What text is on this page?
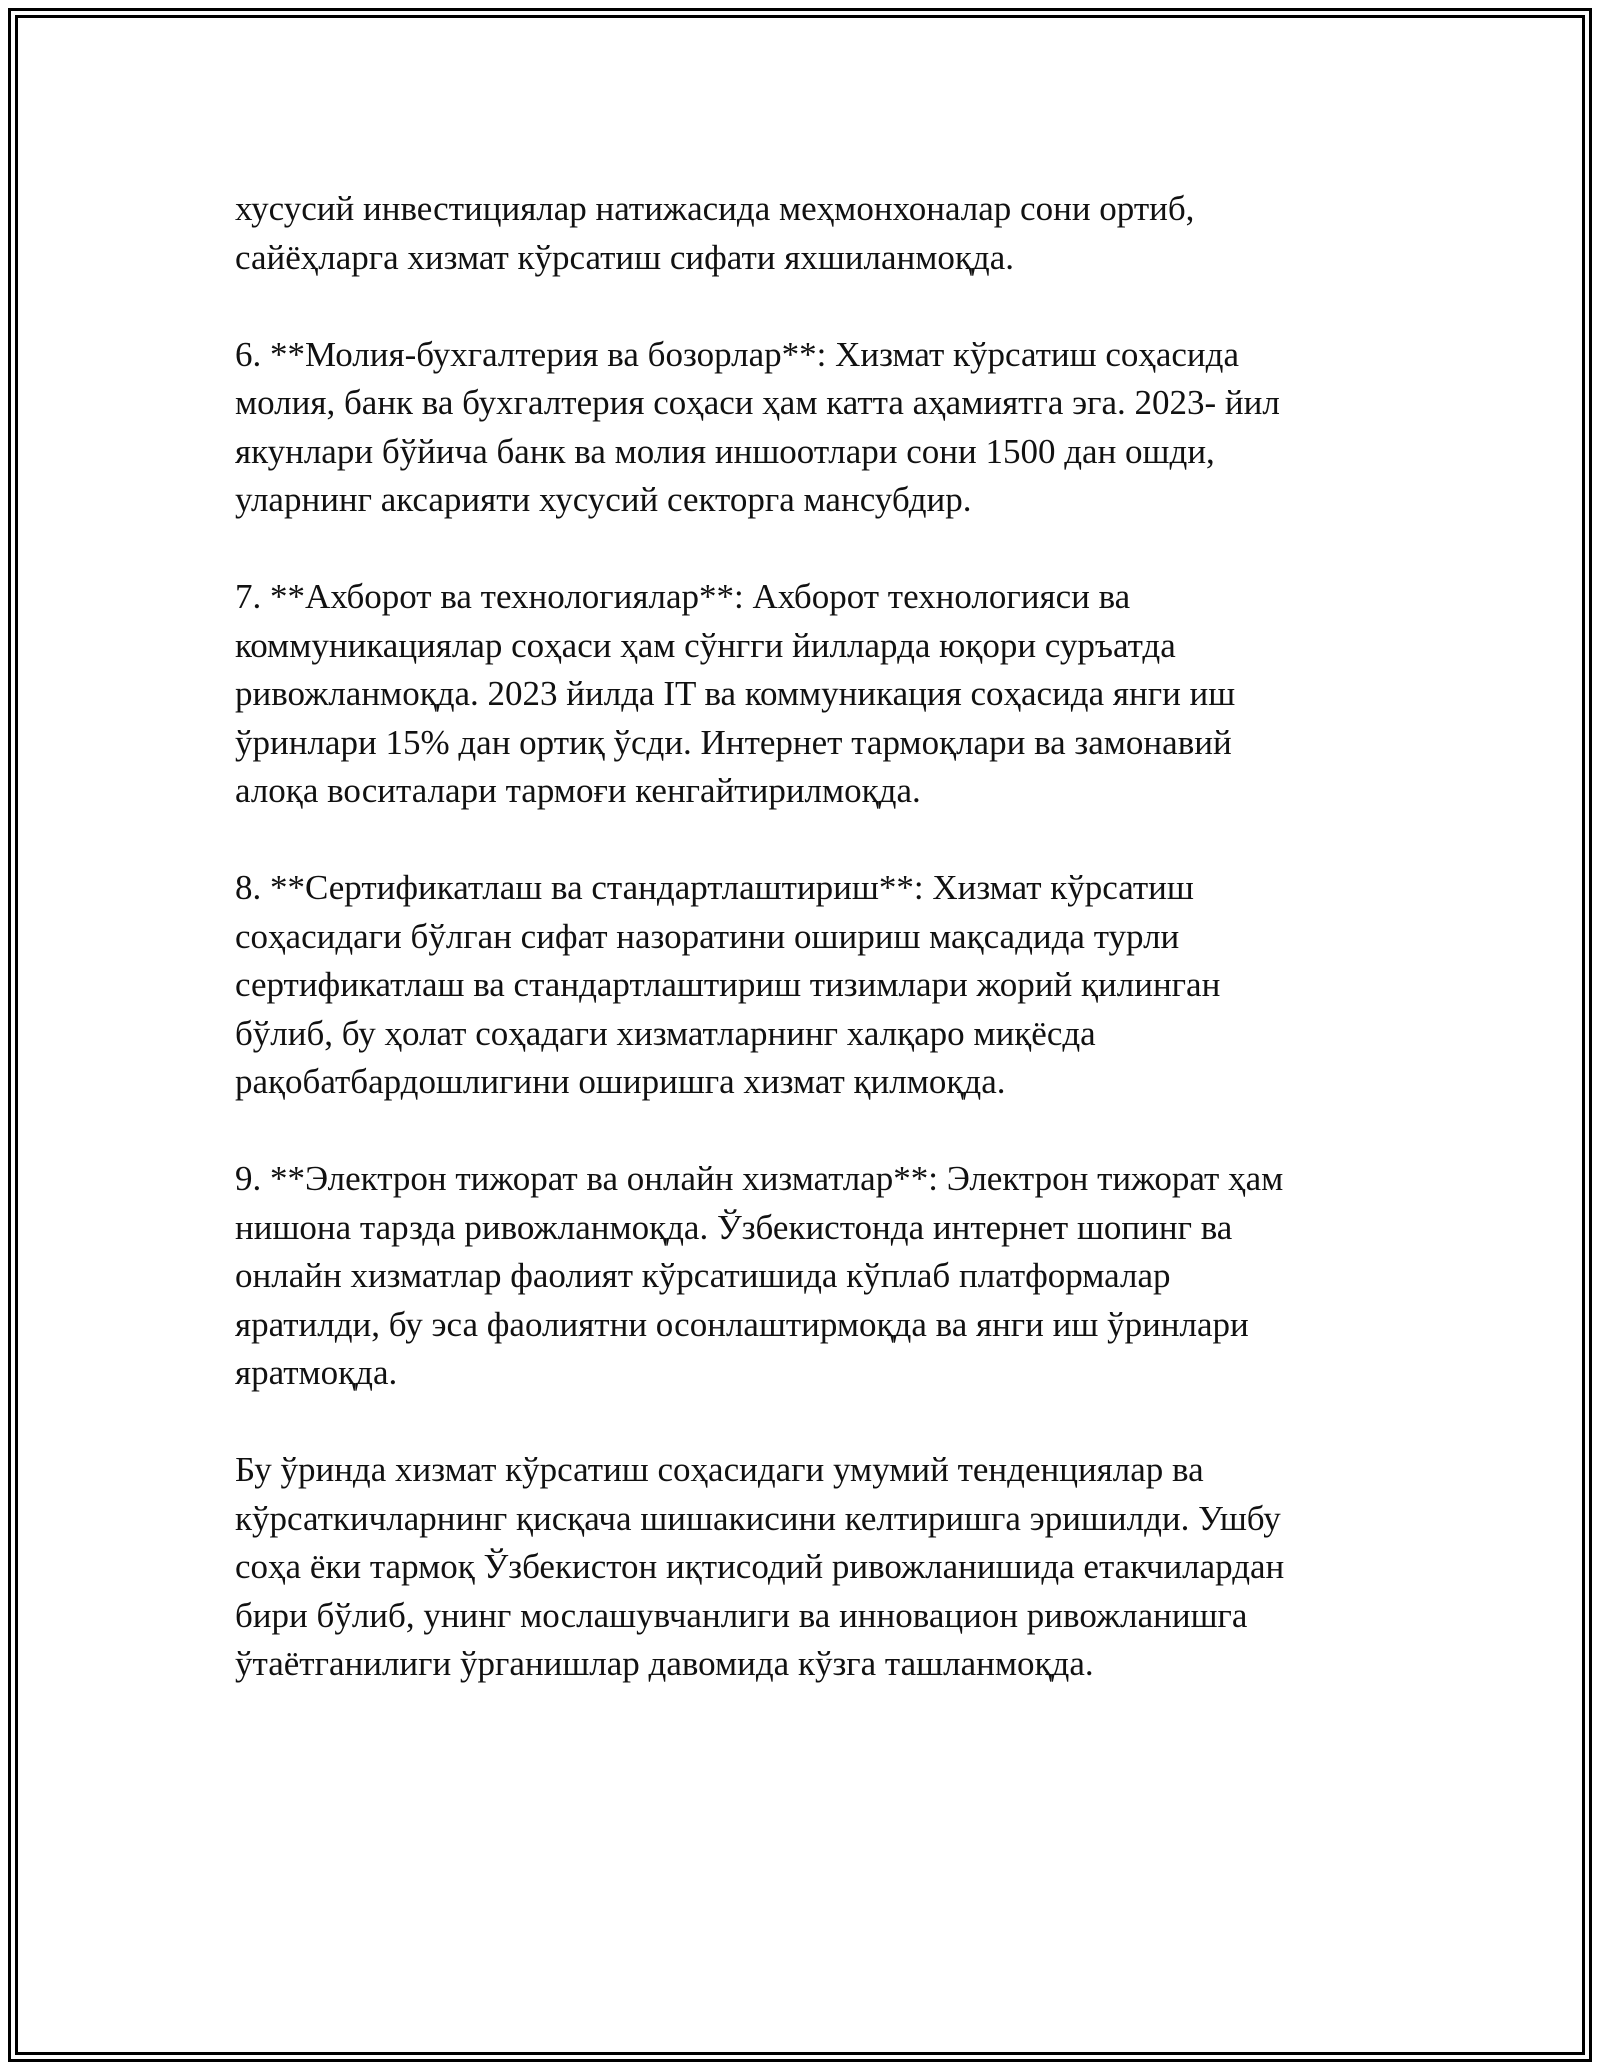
хусусий инвестициялар натижасида меҳмонхоналар сони ортиб,
сайёҳларга хизмат кўрсатиш сифати яхшиланмоқда.

6. **Молия-бухгалтерия ва бозорлар**: Хизмат кўрсатиш соҳасида
молия, банк ва бухгалтерия соҳаси ҳам катта аҳамиятга эга. 2023- йил
якунлари бўйича банк ва молия иншоотлари сони 1500 дан ошди,
уларнинг аксарияти хусусий секторга мансубдир.

7. **Ахборот ва технологиялар**: Ахборот технологияси ва
коммуникациялар соҳаси ҳам сўнгги йилларда юқори суръатда
ривожланмоқда. 2023 йилда IT ва коммуникация соҳасида янги иш
ўринлари 15% дан ортиқ ўсди. Интернет тармоқлари ва замонавий
алоқа воситалари тармоғи кенгайтирилмоқда.

8. **Сертификатлаш ва стандартлаштириш**: Хизмат кўрсатиш
соҳасидаги бўлган сифат назоратини ошириш мақсадида турли
сертификатлаш ва стандартлаштириш тизимлари жорий қилинган
бўлиб, бу ҳолат соҳадаги хизматларнинг халқаро миқёсда
рақобатбардошлигини оширишга хизмат қилмоқда.

9. **Электрон тижорат ва онлайн хизматлар**: Электрон тижорат ҳам
нишона тарзда ривожланмоқда. Ўзбекистонда интернет шопинг ва
онлайн хизматлар фаолият кўрсатишида кўплаб платформалар
яратилди, бу эса фаолиятни осонлаштирмоқда ва янги иш ўринлари
яратмоқда.

Бу ўринда хизмат кўрсатиш соҳасидаги умумий тенденциялар ва
кўрсаткичларнинг қисқача шишакисини келтиришга эришилди. Ушбу
соҳа ёки тармоқ Ўзбекистон иқтисодий ривожланишида етакчилардан
бири бўлиб, унинг мослашувчанлиги ва инновацион ривожланишга
ўтаётганилиги ўрганишлар давомида кўзга ташланмоқда.
